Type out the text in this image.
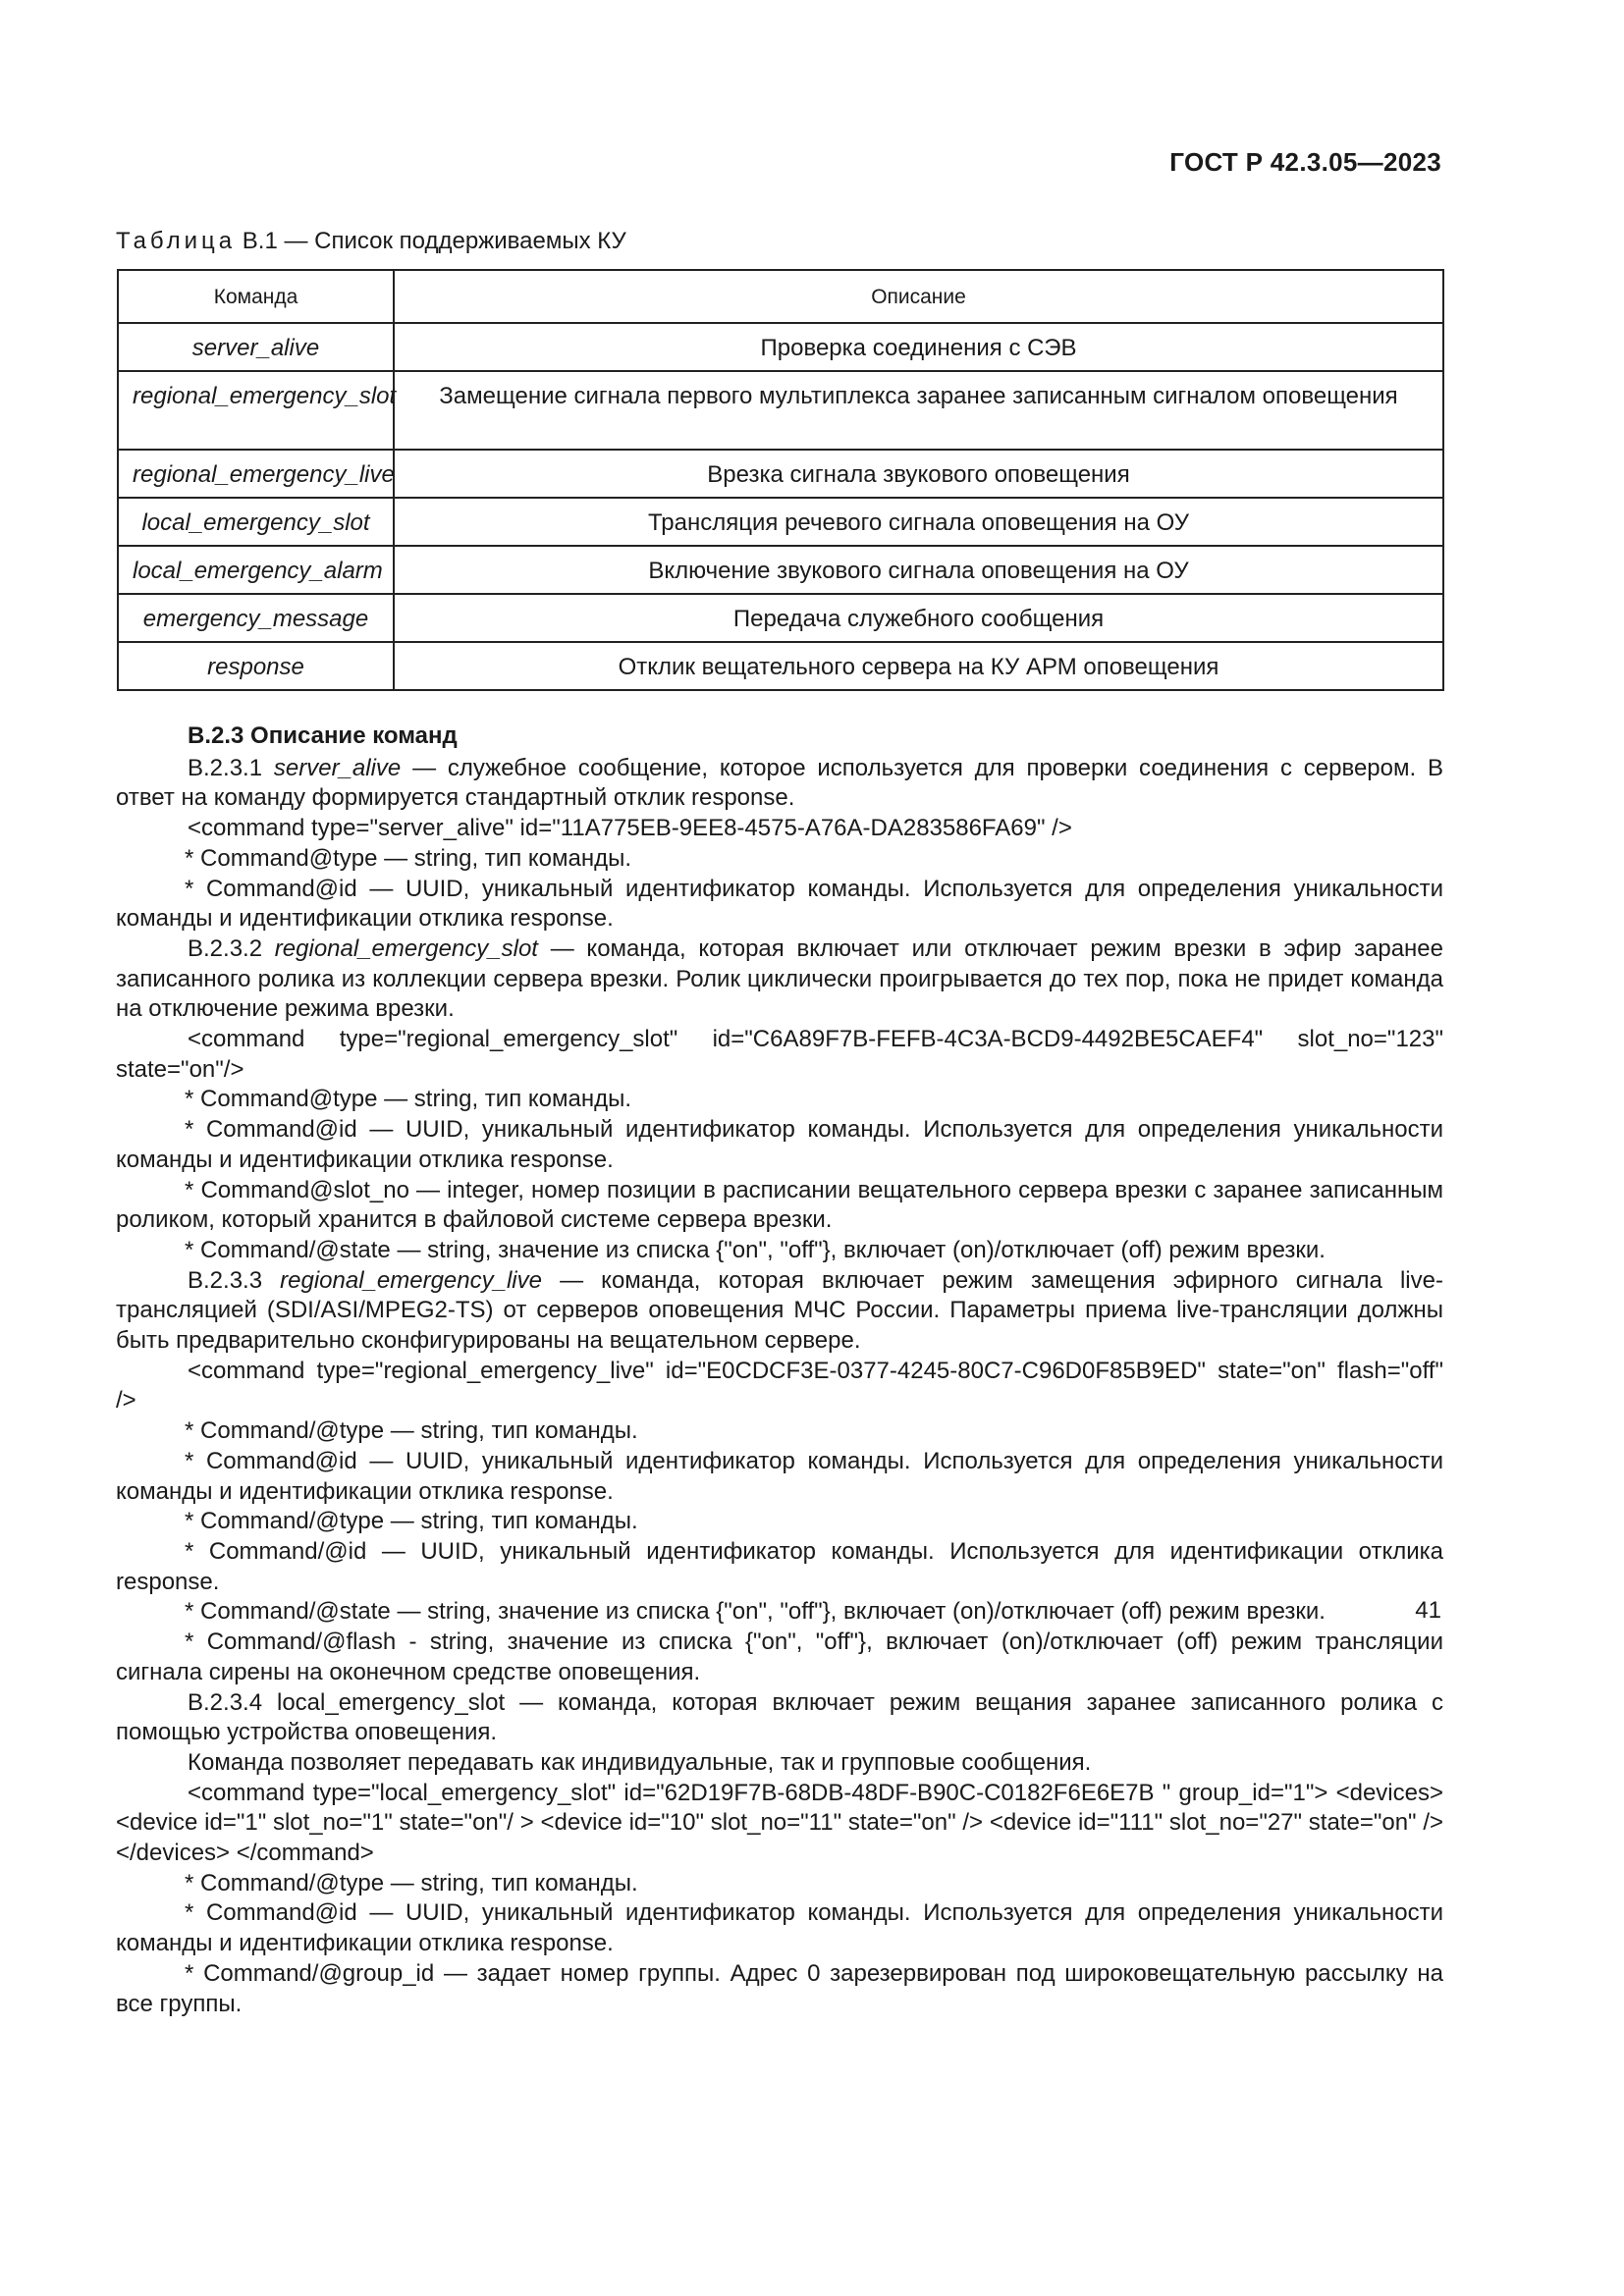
ГОСТ Р 42.3.05—2023
Таблица В.1 — Список поддерживаемых КУ
Команда	Описание
server_alive	Проверка соединения с СЭВ
regional_emergency_slot	Замещение сигнала первого мультиплекса заранее записанным сигналом оповещения
regional_emergency_live	Врезка сигнала звукового оповещения
local_emergency_slot	Трансляция речевого сигнала оповещения на ОУ
local_emergency_alarm	Включение звукового сигнала оповещения на ОУ
emergency_message	Передача служебного сообщения
response	Отклик вещательного сервера на КУ АРМ оповещения

В.2.3 Описание команд

В.2.3.1 server_alive — служебное сообщение, которое используется для проверки соединения с сервером. В ответ на команду формируется стандартный отклик response.

<command type="server_alive" id="11A775EB-9EE8-4575-A76A-DA283586FA69" />

* Command@type — string, тип команды.

* Command@id — UUID, уникальный идентификатор команды. Используется для определения уникальности команды и идентификации отклика response.

В.2.3.2 regional_emergency_slot — команда, которая включает или отключает режим врезки в эфир заранее записанного ролика из коллекции сервера врезки. Ролик циклически проигрывается до тех пор, пока не придет команда на отключение режима врезки.

<command type="regional_emergency_slot" id="C6A89F7B-FEFB-4C3A-BCD9-4492BE5CAEF4" slot_no="123" state="on"/>

* Command@type — string, тип команды.

* Command@id — UUID, уникальный идентификатор команды. Используется для определения уникальности команды и идентификации отклика response.

* Command@slot_no — integer, номер позиции в расписании вещательного сервера врезки с заранее записанным роликом, который хранится в файловой системе сервера врезки.

* Command/@state — string, значение из списка {"on", "off"}, включает (on)/отключает (off) режим врезки.

В.2.3.3 regional_emergency_live — команда, которая включает режим замещения эфирного сигнала live-трансляцией (SDI/ASI/MPEG2-TS) от серверов оповещения МЧС России. Параметры приема live-трансляции должны быть предварительно сконфигурированы на вещательном сервере.

<command type="regional_emergency_live" id="E0CDCF3E-0377-4245-80C7-C96D0F85B9ED" state="on" flash="off" />

* Command/@type — string, тип команды.

* Command@id — UUID, уникальный идентификатор команды. Используется для определения уникальности команды и идентификации отклика response.

* Command/@type — string, тип команды.

* Command/@id — UUID, уникальный идентификатор команды. Используется для идентификации отклика response.

* Command/@state — string, значение из списка {"on", "off"}, включает (on)/отключает (off) режим врезки.

* Command/@flash - string, значение из списка {"on", "off"}, включает (on)/отключает (off) режим трансляции сигнала сирены на оконечном средстве оповещения.

В.2.3.4 local_emergency_slot — команда, которая включает режим вещания заранее записанного ролика с помощью устройства оповещения.

Команда позволяет передавать как индивидуальные, так и групповые сообщения.

<command type="local_emergency_slot" id="62D19F7B-68DB-48DF-B90C-C0182F6E6E7B " group_id="1"> <devices> <device id="1" slot_no="1" state="on"/ > <device id="10" slot_no="11" state="on" /> <device id="111" slot_no="27" state="on" /> </devices> </command>

* Command/@type — string, тип команды.

* Command@id — UUID, уникальный идентификатор команды. Используется для определения уникальности команды и идентификации отклика response.

* Command/@group_id — задает номер группы. Адрес 0 зарезервирован под широковещательную рассылку на все группы.

41
